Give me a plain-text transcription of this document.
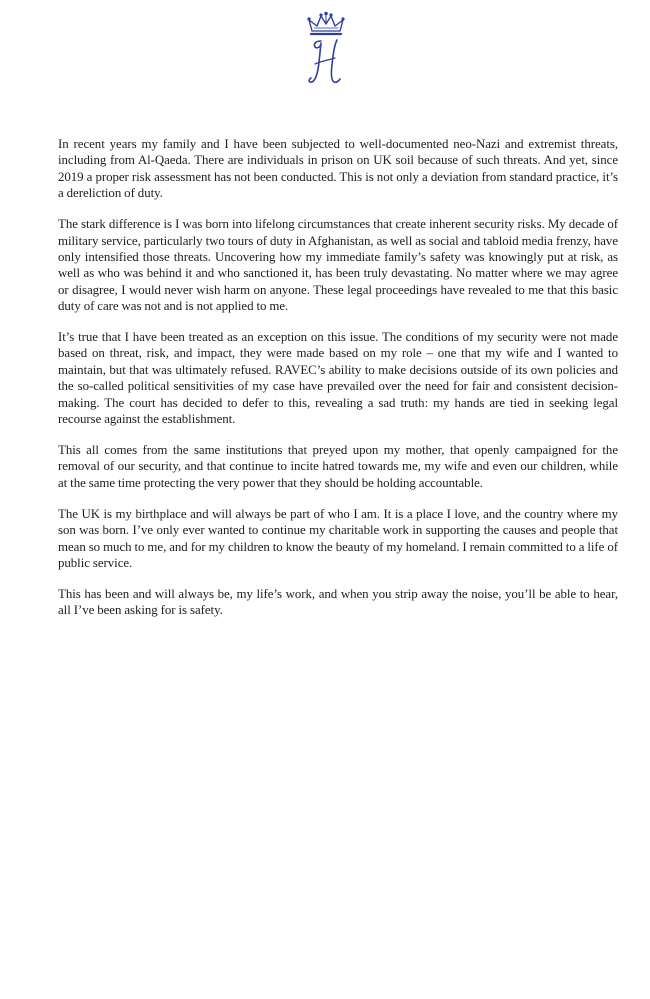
In recent years my family and I have been subjected to well-documented neo-Nazi and extremist threats, including from Al-Qaeda. There are individuals in prison on UK soil because of such threats. And yet, since 2019 a proper risk assessment has not been conducted. This is not only a deviation from standard practice, it’s a dereliction of duty.

The stark difference is I was born into lifelong circumstances that create inherent security risks. My decade of military service, particularly two tours of duty in Afghanistan, as well as social and tabloid media frenzy, have only intensified those threats. Uncovering how my immediate family’s safety was knowingly put at risk, as well as who was behind it and who sanctioned it, has been truly devastating. No matter where we may agree or disagree, I would never wish harm on anyone. These legal proceedings have revealed to me that this basic duty of care was not and is not applied to me.

It’s true that I have been treated as an exception on this issue. The conditions of my security were not made based on threat, risk, and impact, they were made based on my role – one that my wife and I wanted to maintain, but that was ultimately refused. RAVEC’s ability to make decisions outside of its own policies and the so-called political sensitivities of my case have prevailed over the need for fair and consistent decision-making. The court has decided to defer to this, revealing a sad truth: my hands are tied in seeking legal recourse against the establishment.

This all comes from the same institutions that preyed upon my mother, that openly campaigned for the removal of our security, and that continue to incite hatred towards me, my wife and even our children, while at the same time protecting the very power that they should be holding accountable.

The UK is my birthplace and will always be part of who I am. It is a place I love, and the country where my son was born. I’ve only ever wanted to continue my charitable work in supporting the causes and people that mean so much to me, and for my children to know the beauty of my homeland. I remain committed to a life of public service.

This has been and will always be, my life’s work, and when you strip away the noise, you’ll be able to hear, all I’ve been asking for is safety.
